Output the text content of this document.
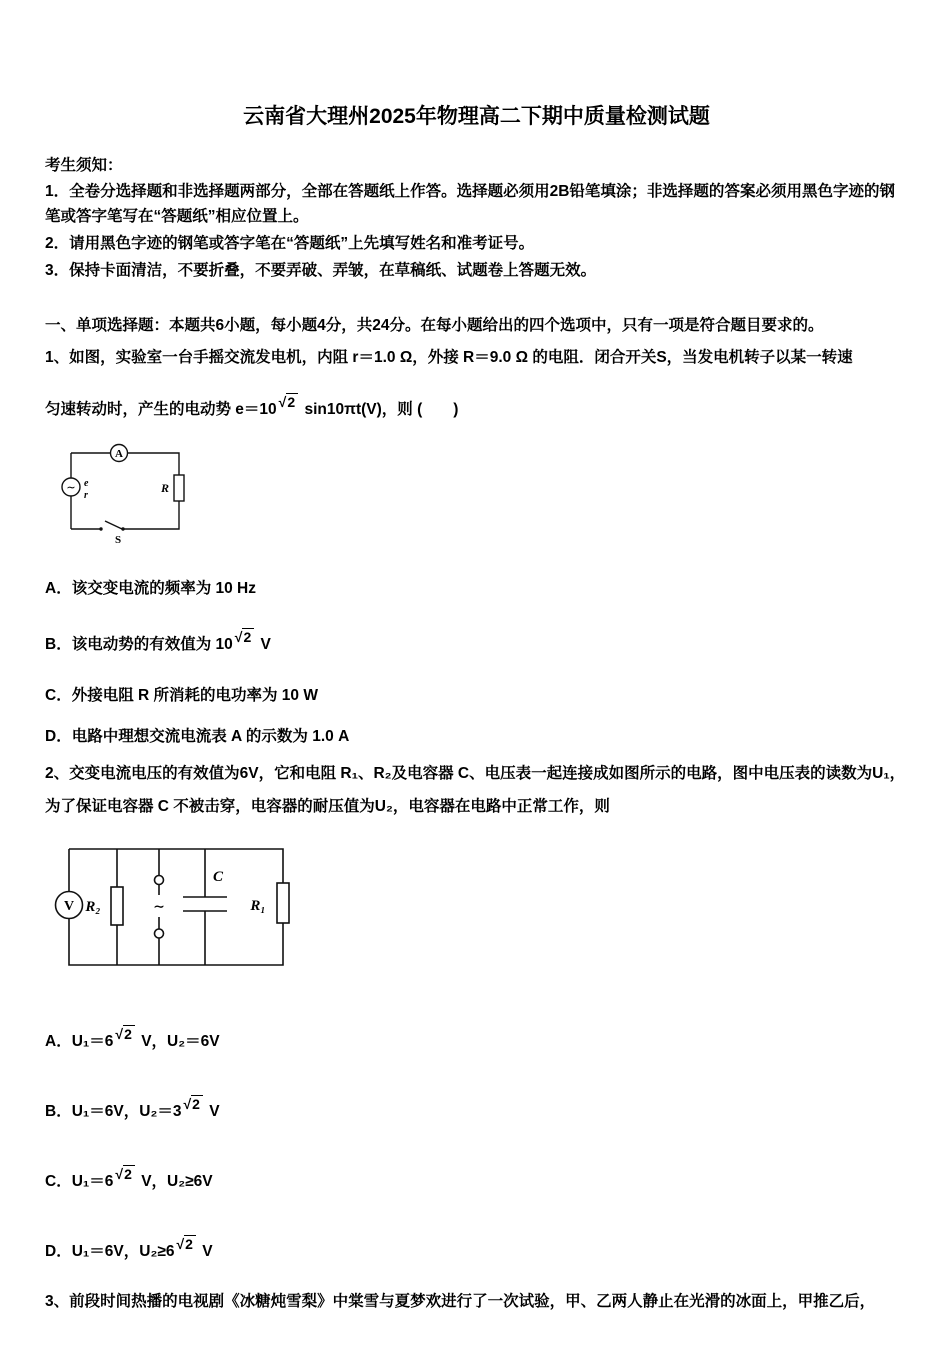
云南省大理州2025年物理高二下期中质量检测试题

考生须知：

1．全卷分选择题和非选择题两部分，全部在答题纸上作答。选择题必须用2B铅笔填涂；非选择题的答案必须用黑色字迹的钢笔或答字笔写在“答题纸”相应位置上。

2．请用黑色字迹的钢笔或答字笔在“答题纸”上先填写姓名和准考证号。

3．保持卡面清洁，不要折叠，不要弄破、弄皱，在草稿纸、试题卷上答题无效。

一、单项选择题：本题共6小题，每小题4分，共24分。在每小题给出的四个选项中，只有一项是符合题目要求的。

1、如图，实验室一台手摇交流发电机，内阻 r＝1.0 Ω，外接 R＝9.0 Ω 的电阻．闭合开关S，当发电机转子以某一转速

匀速转动时，产生的电动势 e＝10 √2 sin10πt(V)，则 (　　)

A
∼ e
r
R
S

A．该交变电流的频率为 10 Hz

B．该电动势的有效值为 10 √2 V

C．外接电阻 R 所消耗的电功率为 10 W

D．电路中理想交流电流表 A 的示数为 1.0 A

2、交变电流电压的有效值为6V，它和电阻 R₁、R₂及电容器 C、电压表一起连接成如图所示的电路，图中电压表的读数为U₁，为了保证电容器 C 不被击穿，电容器的耐压值为U₂，电容器在电路中正常工作，则

V R₂	∼
C
R₁

A．U₁＝6 √2 V，U₂＝6V

B．U₁＝6V，U₂＝3 √2 V

C．U₁＝6 √2 V，U₂≥6V

D．U₁＝6V，U₂≥6 √2 V

3、前段时间热播的电视剧《冰糖炖雪梨》中棠雪与夏梦欢进行了一次试验，甲、乙两人静止在光滑的冰面上，甲推乙后，
